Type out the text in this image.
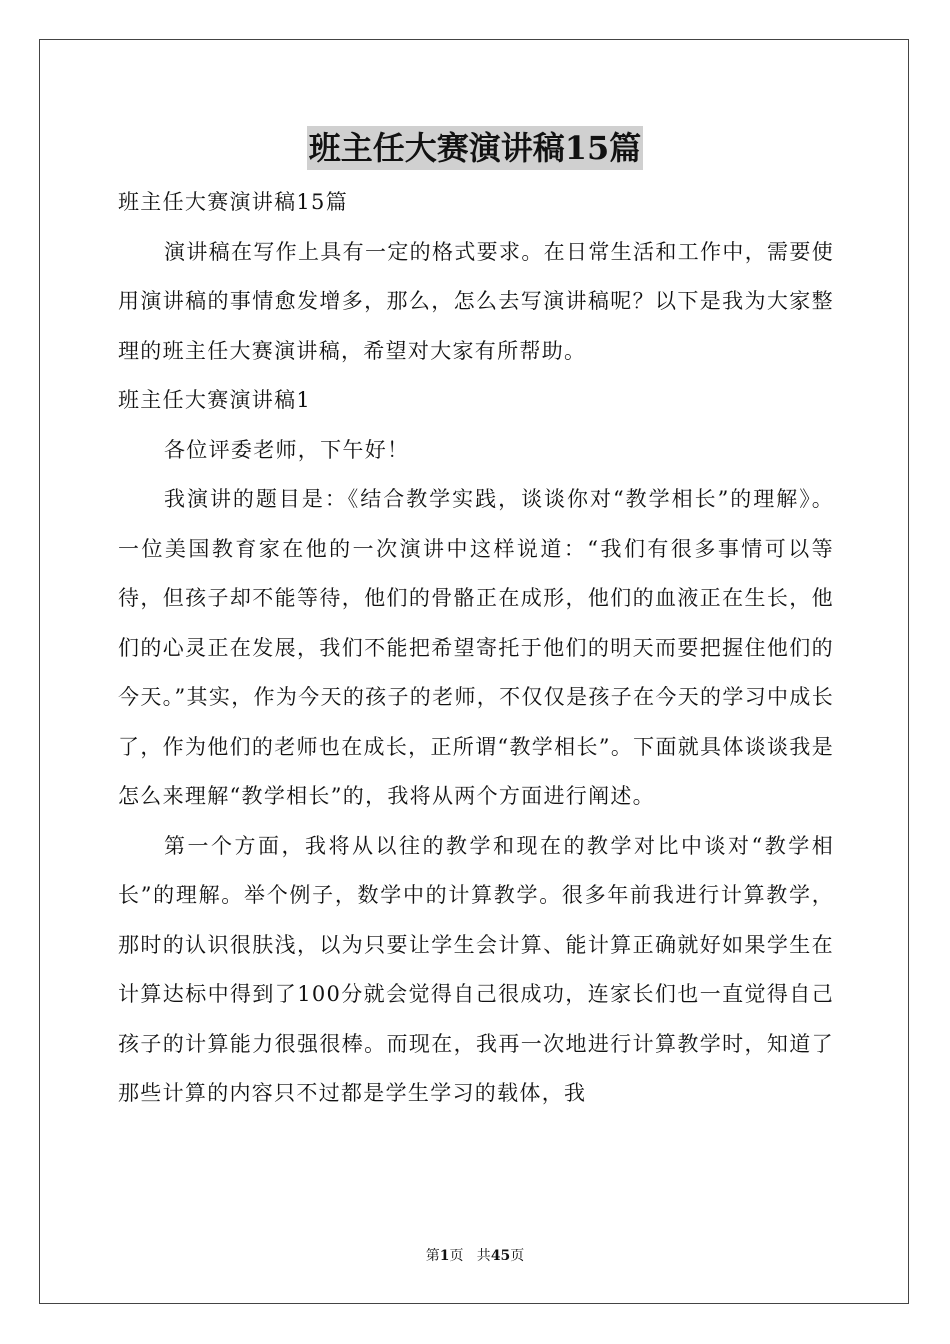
班主任大赛演讲稿15篇

班主任大赛演讲稿15篇

演讲稿在写作上具有一定的格式要求。在日常生活和工作中，需要使用演讲稿的事情愈发增多，那么，怎么去写演讲稿呢？以下是我为大家整理的班主任大赛演讲稿，希望对大家有所帮助。

班主任大赛演讲稿1

各位评委老师，下午好！

我演讲的题目是：《结合教学实践，谈谈你对“教学相长”的理解》。一位美国教育家在他的一次演讲中这样说道：“我们有很多事情可以等待，但孩子却不能等待，他们的骨骼正在成形，他们的血液正在生长，他们的心灵正在发展，我们不能把希望寄托于他们的明天而要把握住他们的今天。”其实，作为今天的孩子的老师，不仅仅是孩子在今天的学习中成长了，作为他们的老师也在成长，正所谓“教学相长”。下面就具体谈谈我是怎么来理解“教学相长”的，我将从两个方面进行阐述。

第一个方面，我将从以往的教学和现在的教学对比中谈对“教学相长”的理解。举个例子，数学中的计算教学。很多年前我进行计算教学，那时的认识很肤浅，以为只要让学生会计算、能计算正确就好如果学生在计算达标中得到了100分就会觉得自己很成功，连家长们也一直觉得自己孩子的计算能力很强很棒。而现在，我再一次地进行计算教学时，知道了那些计算的内容只不过都是学生学习的载体，我

第1页   共45页
